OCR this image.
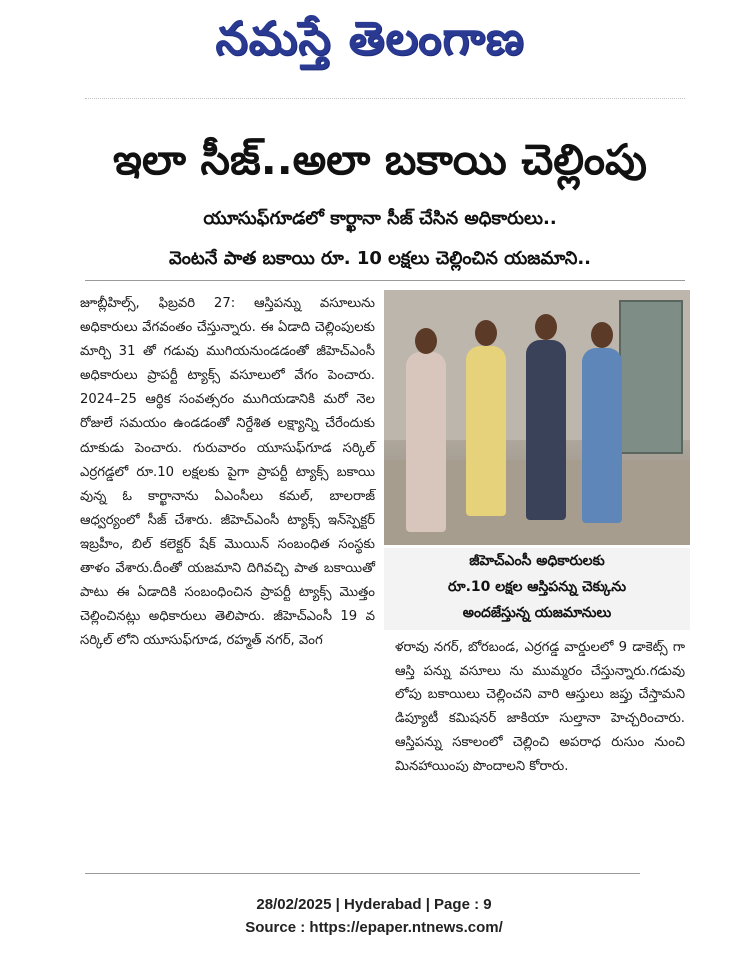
నమస్తే తెలంగాణ
ఇలా సీజ్..అలా బకాయి చెల్లింపు
యూసుఫ్‌గూడలో కార్ఖానా సీజ్ చేసిన అధికారులు..
వెంటనే పాత బకాయి రూ. 10 లక్షలు చెల్లించిన యజమాని..

జూబ్లీహిల్స్, ఫిబ్రవరి 27: ఆస్తిపన్ను వసూలును అధికారులు వేగవంతం చేస్తున్నారు. ఈ ఏడాది చెల్లింపులకు మార్చి 31 తో గడువు ముగియనుండడంతో జీహెచ్‌ఎంసీ అధికారులు ప్రాపర్టీ ట్యాక్స్ వసూలులో వేగం పెంచారు. 2024–25 ఆర్థిక సంవత్సరం ముగియడానికి మరో నెల రోజులే సమయం ఉండడంతో నిర్దేశిత లక్ష్యాన్ని చేరేందుకు దూకుడు పెంచారు. గురువారం యూసుఫ్‌గూడ సర్కిల్ ఎర్రగడ్డలో రూ.10 లక్షలకు పైగా ప్రాపర్టీ ట్యాక్స్ బకాయి వున్న ఓ కార్ఖానాను ఏఎంసీలు కమల్, బాలరాజ్ ఆధ్వర్యంలో సీజ్ చేశారు. జీహెచ్‌ఎంసీ ట్యాక్స్ ఇన్‌స్పెక్టర్ ఇబ్రహీం, బిల్ కలెక్టర్ షేక్ మొయిన్ సంబంధిత సంస్థకు తాళం వేశారు.దీంతో యజమాని దిగివచ్చి పాత బకాయితో పాటు ఈ ఏడాదికి సంబంధించిన ప్రాపర్టీ ట్యాక్స్ మొత్తం చెల్లించినట్లు అధికారులు తెలిపారు. జీహెచ్‌ఎంసీ 19 వ సర్కిల్ లోని యూసుఫ్‌గూడ, రహ్మత్ నగర్, వెంగ

జీహెచ్‌ఎంసీ అధికారులకు
రూ.10 లక్షల ఆస్తిపన్ను చెక్కును
అందజేస్తున్న యజమానులు

ళరావు నగర్, బోరబండ, ఎర్రగడ్డ వార్డులలో 9 డాకెట్స్ గా ఆస్తి పన్ను వసూలు ను ముమ్మరం చేస్తున్నారు.గడువు లోపు బకాయిలు చెల్లించని వారి ఆస్తులు జప్తు చేస్తామని డిప్యూటీ కమిషనర్ జాకియా సుల్తానా హెచ్చరించారు. ఆస్తిపన్ను సకాలంలో చెల్లించి అపరాధ రుసుం నుంచి మినహాయింపు పొందాలని కోరారు.

28/02/2025 | Hyderabad | Page : 9
Source : https://epaper.ntnews.com/
